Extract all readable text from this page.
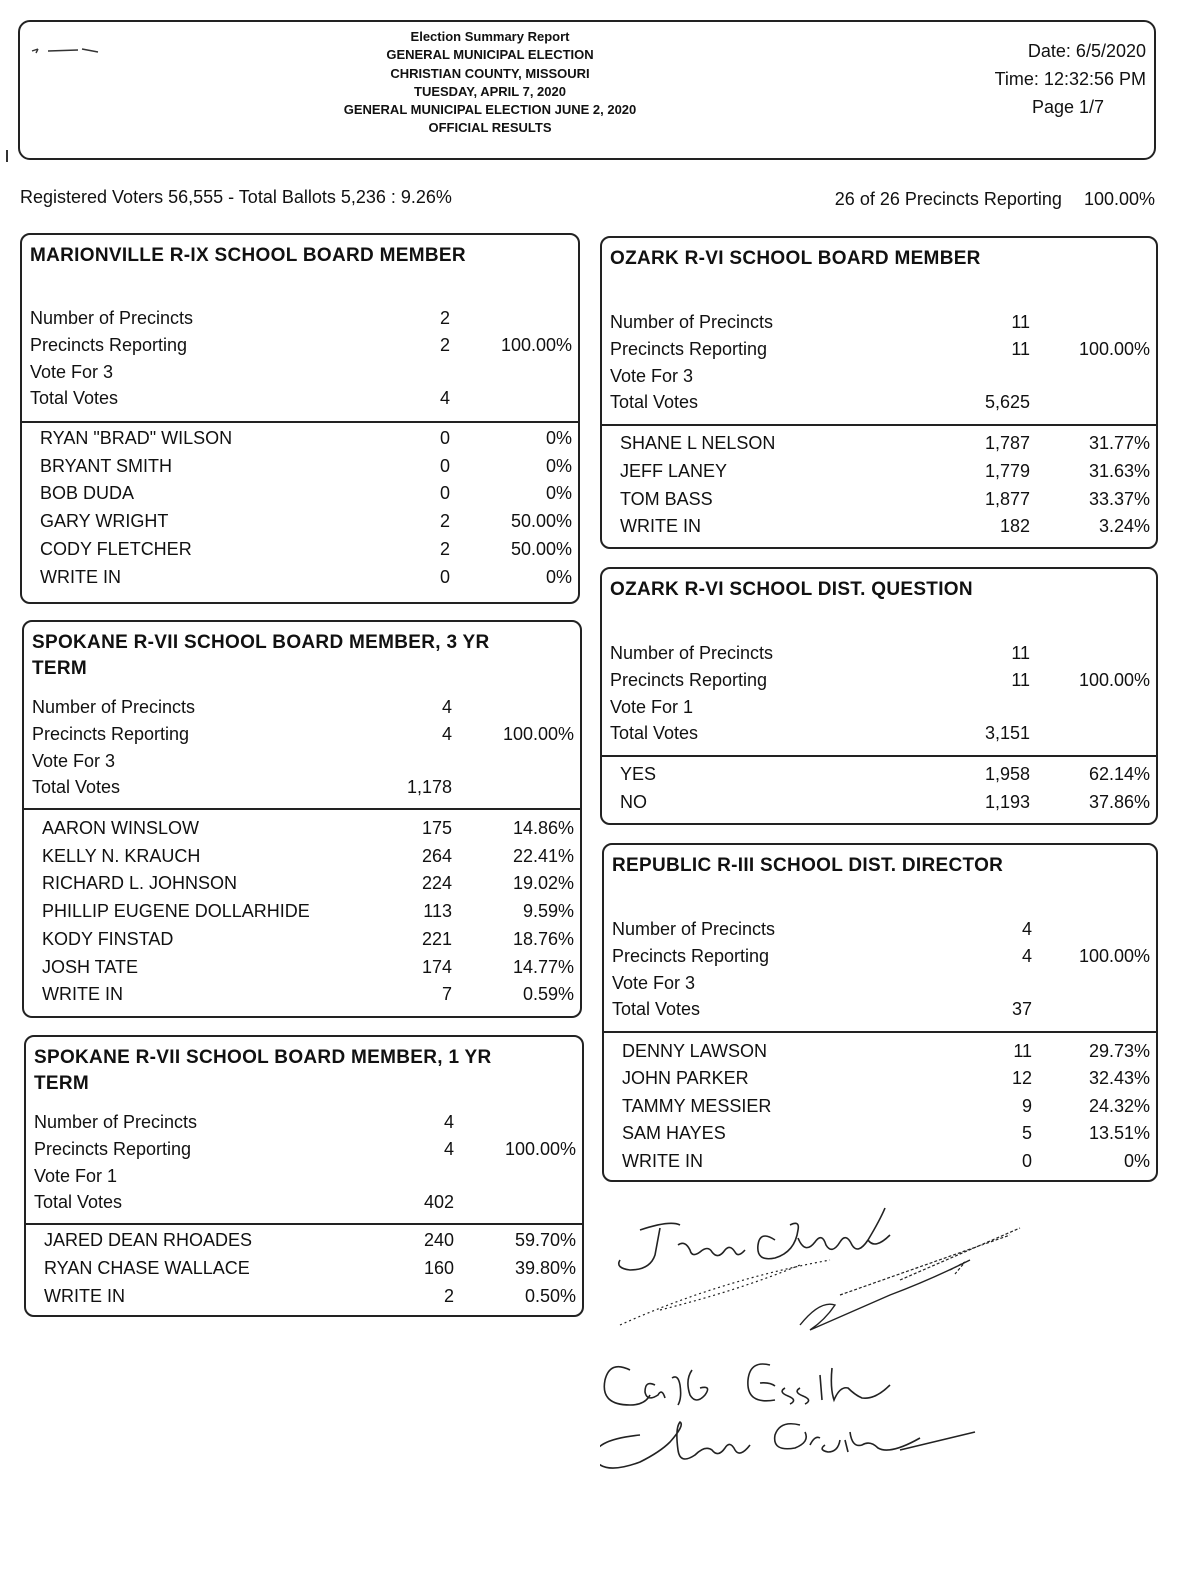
Election Summary Report
GENERAL MUNICIPAL ELECTION
CHRISTIAN COUNTY, MISSOURI
TUESDAY, APRIL 7, 2020
GENERAL MUNICIPAL ELECTION JUNE 2, 2020
OFFICIAL RESULTS
Date: 6/5/2020
Time: 12:32:56 PM
Page 1/7
Registered Voters 56,555 - Total Ballots 5,236 : 9.26%	26 of 26 Precincts Reporting 100.00%
MARIONVILLE R-IX SCHOOL BOARD MEMBER
Number of Precincts	2
Precincts Reporting	2	100.00%
Vote For 3
Total Votes	4
RYAN "BRAD" WILSON	0	0%
BRYANT SMITH	0	0%
BOB DUDA	0	0%
GARY WRIGHT	2	50.00%
CODY FLETCHER	2	50.00%
WRITE IN	0	0%
SPOKANE R-VII SCHOOL BOARD MEMBER, 3 YR TERM
Number of Precincts	4
Precincts Reporting	4	100.00%
Vote For 3
Total Votes	1,178
AARON WINSLOW	175	14.86%
KELLY N. KRAUCH	264	22.41%
RICHARD L. JOHNSON	224	19.02%
PHILLIP EUGENE DOLLARHIDE	113	9.59%
KODY FINSTAD	221	18.76%
JOSH TATE	174	14.77%
WRITE IN	7	0.59%
SPOKANE R-VII SCHOOL BOARD MEMBER, 1 YR TERM
Number of Precincts	4
Precincts Reporting	4	100.00%
Vote For 1
Total Votes	402
JARED DEAN RHOADES	240	59.70%
RYAN CHASE WALLACE	160	39.80%
WRITE IN	2	0.50%
OZARK R-VI SCHOOL BOARD MEMBER
Number of Precincts	11
Precincts Reporting	11	100.00%
Vote For 3
Total Votes	5,625
SHANE L NELSON	1,787	31.77%
JEFF LANEY	1,779	31.63%
TOM BASS	1,877	33.37%
WRITE IN	182	3.24%
OZARK R-VI SCHOOL DIST. QUESTION
Number of Precincts	11
Precincts Reporting	11	100.00%
Vote For 1
Total Votes	3,151
YES	1,958	62.14%
NO	1,193	37.86%
REPUBLIC R-III SCHOOL DIST. DIRECTOR
Number of Precincts	4
Precincts Reporting	4	100.00%
Vote For 3
Total Votes	37
DENNY LAWSON	11	29.73%
JOHN PARKER	12	32.43%
TAMMY MESSIER	9	24.32%
SAM HAYES	5	13.51%
WRITE IN	0	0%
